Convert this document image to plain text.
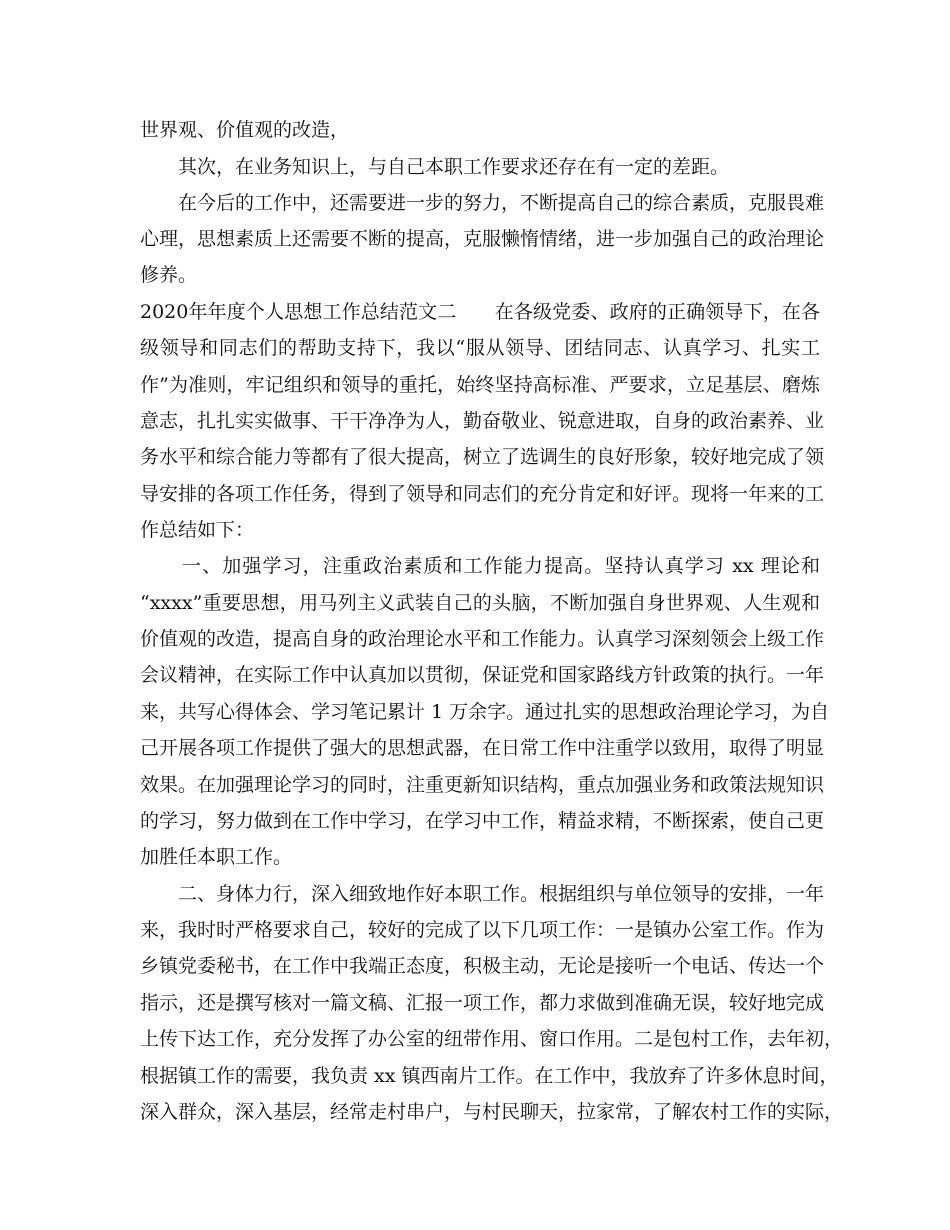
世界观、价值观的改造，
其次，在业务知识上，与自己本职工作要求还存在有一定的差距。
在今后的工作中，还需要进一步的努力，不断提高自己的综合素质，克服畏难
心理，思想素质上还需要不断的提高，克服懒惰情绪，进一步加强自己的政治理论
修养。
2020年年度个人思想工作总结范文二　　在各级党委、政府的正确领导下，在各
级领导和同志们的帮助支持下，我以“服从领导、团结同志、认真学习、扎实工
作”为准则，牢记组织和领导的重托，始终坚持高标准、严要求，立足基层、磨炼
意志，扎扎实实做事、干干净净为人，勤奋敬业、锐意进取，自身的政治素养、业
务水平和综合能力等都有了很大提高，树立了选调生的良好形象，较好地完成了领
导安排的各项工作任务，得到了领导和同志们的充分肯定和好评。现将一年来的工
作总结如下：
一、加强学习，注重政治素质和工作能力提高。坚持认真学习 xx 理论和
“xxxx”重要思想，用马列主义武装自己的头脑，不断加强自身世界观、人生观和
价值观的改造，提高自身的政治理论水平和工作能力。认真学习深刻领会上级工作
会议精神，在实际工作中认真加以贯彻，保证党和国家路线方针政策的执行。一年
来，共写心得体会、学习笔记累计 1 万余字。通过扎实的思想政治理论学习，为自
己开展各项工作提供了强大的思想武器，在日常工作中注重学以致用，取得了明显
效果。在加强理论学习的同时，注重更新知识结构，重点加强业务和政策法规知识
的学习，努力做到在工作中学习，在学习中工作，精益求精，不断探索，使自己更
加胜任本职工作。
二、身体力行，深入细致地作好本职工作。根据组织与单位领导的安排，一年
来，我时时严格要求自己，较好的完成了以下几项工作：一是镇办公室工作。作为
乡镇党委秘书，在工作中我端正态度，积极主动，无论是接听一个电话、传达一个
指示，还是撰写核对一篇文稿、汇报一项工作，都力求做到准确无误，较好地完成
上传下达工作，充分发挥了办公室的纽带作用、窗口作用。二是包村工作，去年初，
根据镇工作的需要，我负责 xx 镇西南片工作。在工作中，我放弃了许多休息时间，
深入群众，深入基层，经常走村串户，与村民聊天，拉家常，了解农村工作的实际，
